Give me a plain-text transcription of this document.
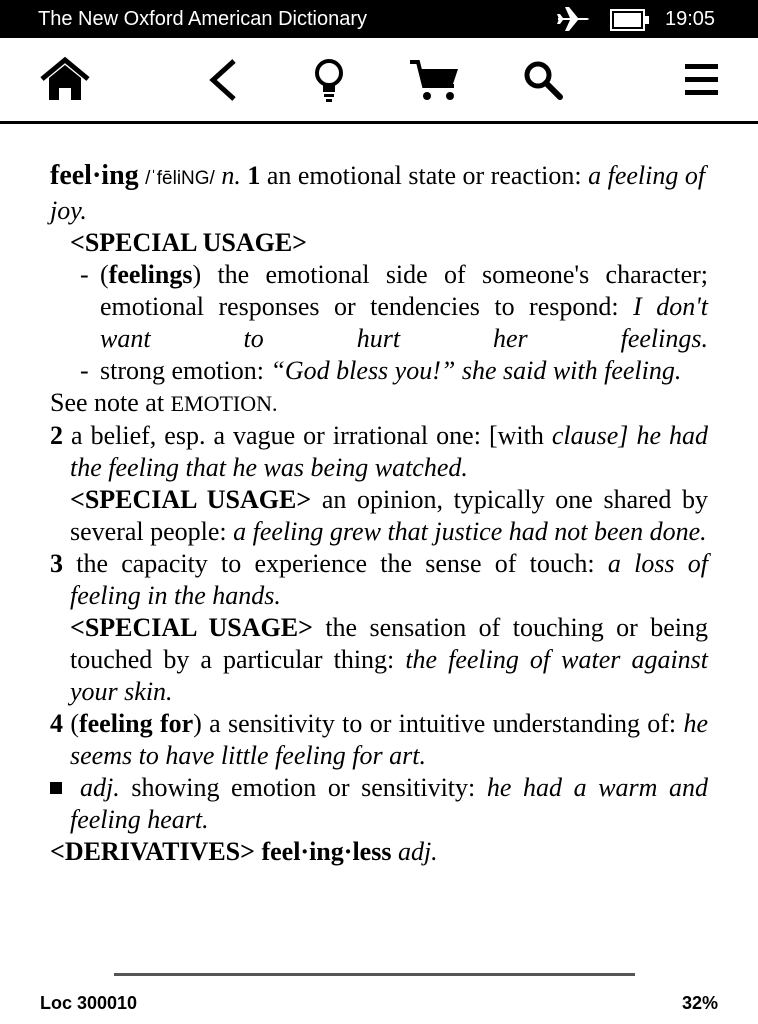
The New Oxford American Dictionary	19:05

feel·ing /ˈfēliNG/ n. 1 an emotional state or reaction: a feeling of joy.

<SPECIAL USAGE>

- (feelings) the emotional side of someone's character; emotional responses or tendencies to respond: I don't want to hurt her feelings.

- strong emotion: “God bless you!” she said with feeling.

See note at EMOTION.

2 a belief, esp. a vague or irrational one: [with clause] he had the feeling that he was being watched.

<SPECIAL USAGE> an opinion, typically one shared by several people: a feeling grew that justice had not been done.

3 the capacity to experience the sense of touch: a loss of feeling in the hands.

<SPECIAL USAGE> the sensation of touching or being touched by a particular thing: the feeling of water against your skin.

4 (feeling for) a sensitivity to or intuitive understanding of: he seems to have little feeling for art.

adj. showing emotion or sensitivity: he had a warm and feeling heart.

<DERIVATIVES> feel·ing·less adj.

Loc 300010	32%
